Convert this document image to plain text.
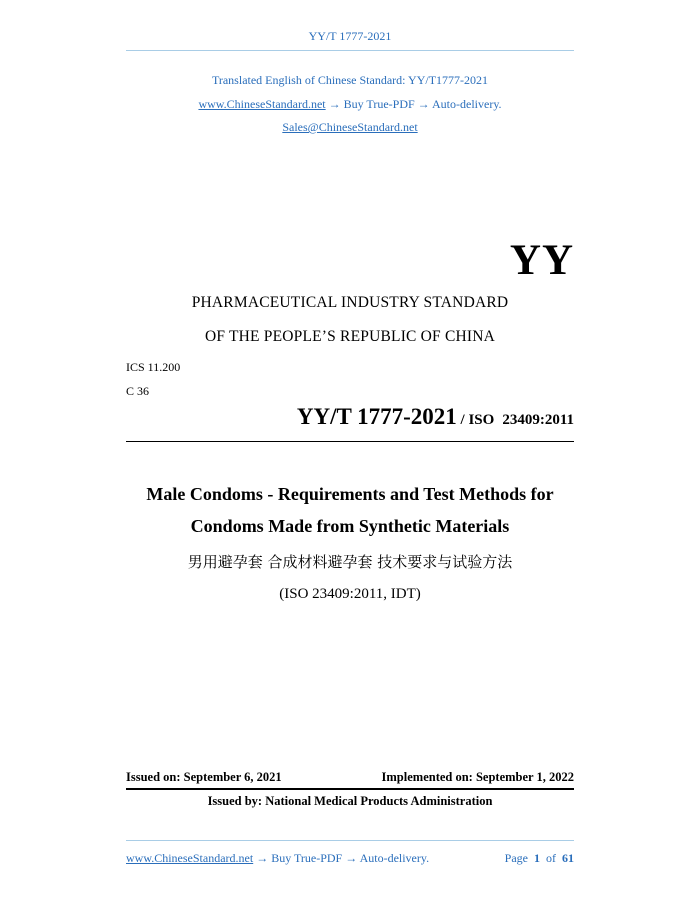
YY/T 1777-2021
Translated English of Chinese Standard: YY/T1777-2021
www.ChineseStandard.net → Buy True-PDF → Auto-delivery.
Sales@ChineseStandard.net
YY
PHARMACEUTICAL INDUSTRY STANDARD
OF THE PEOPLE’S REPUBLIC OF CHINA
ICS 11.200
C 36
YY/T 1777-2021 / ISO 23409:2011
Male Condoms - Requirements and Test Methods for
Condoms Made from Synthetic Materials
男用避孕套 合成材料避孕套 技术要求与试验方法
(ISO 23409:2011, IDT)
Issued on: September 6, 2021	Implemented on: September 1, 2022
Issued by: National Medical Products Administration
www.ChineseStandard.net → Buy True-PDF → Auto-delivery.	Page 1 of 61
